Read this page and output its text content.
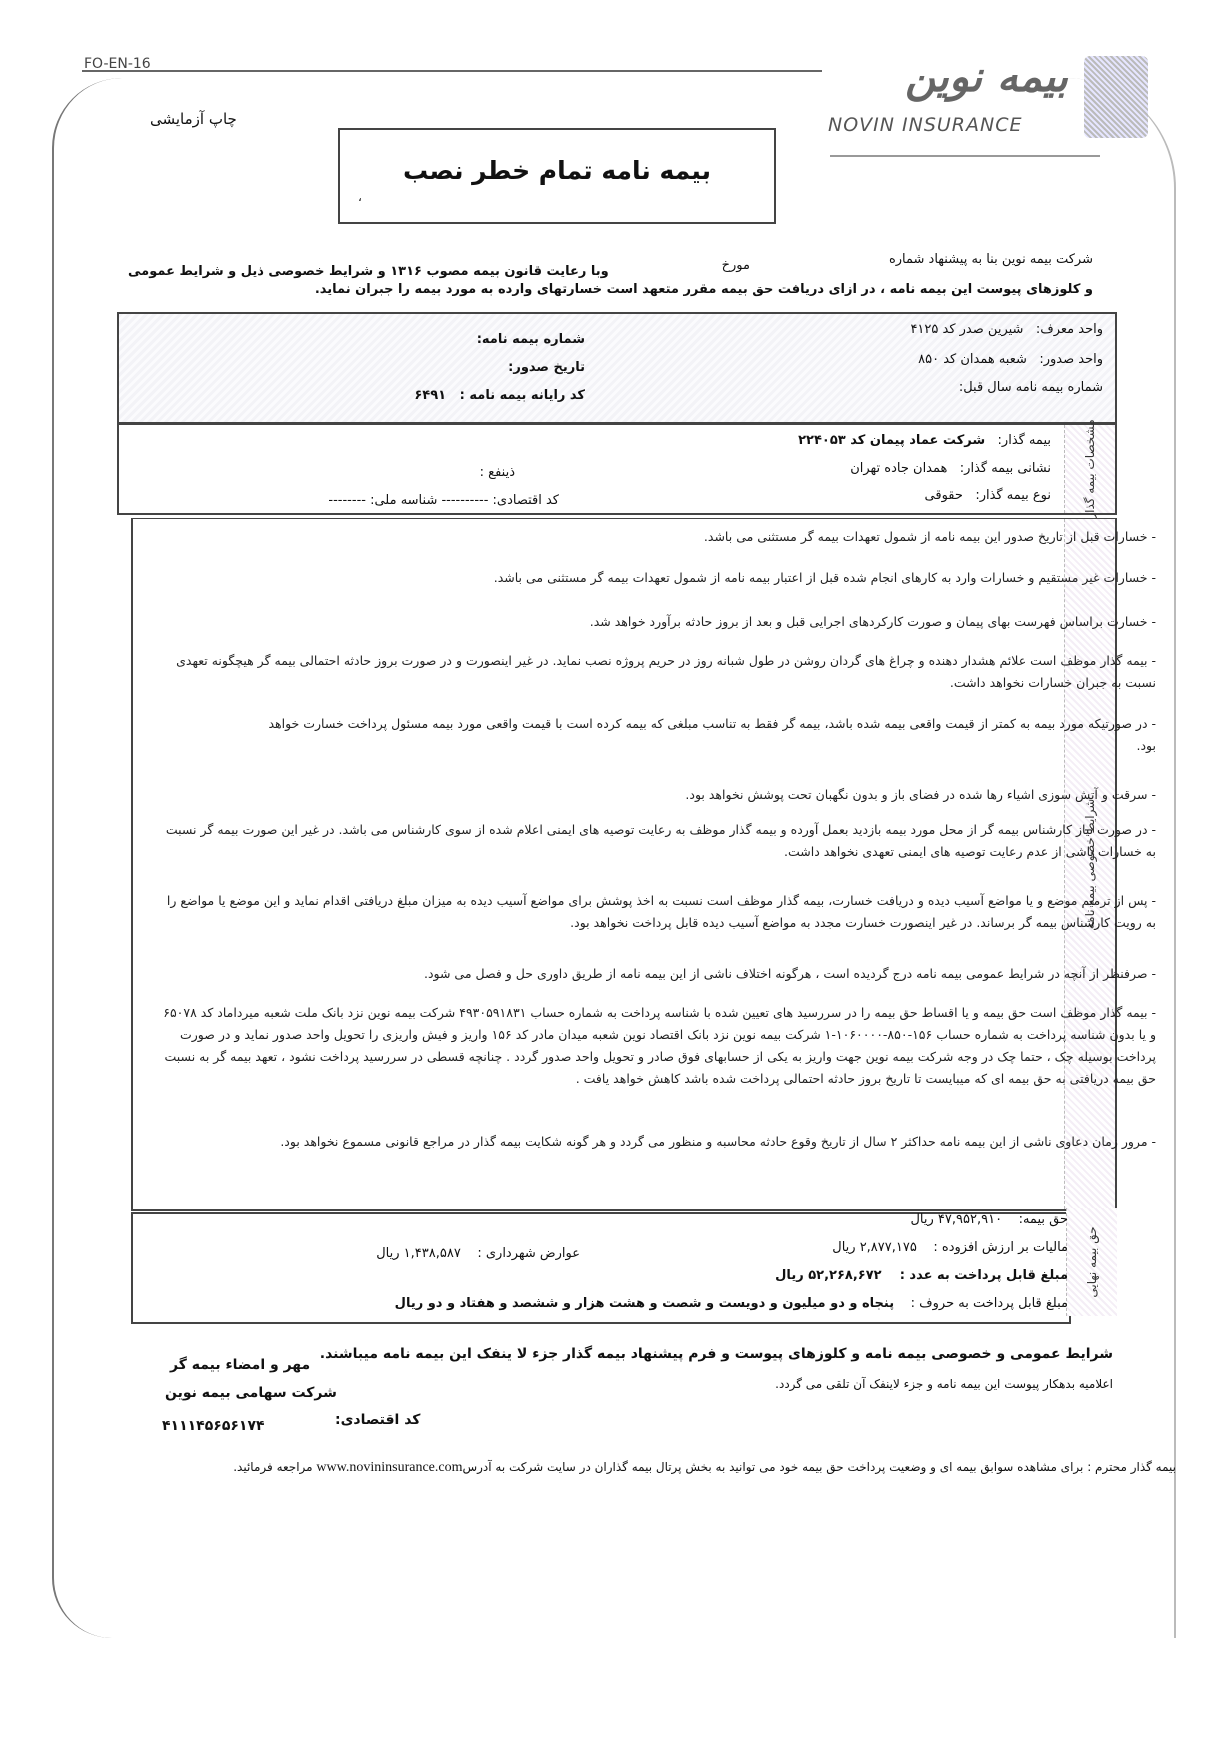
FO-EN-16	بیمه نوین
NOVIN INSURANCE
چاپ آزمایشی
بیمه نامه تمام خطر نصب
،
شرکت بیمه نوین بنا به پیشنهاد شماره
مورخ
وبا رعایت قانون بیمه مصوب ۱۳۱۶ و شرایط خصوصی ذیل و شرایط عمومی
و کلوزهای پیوست این بیمه نامه ، در ازای دریافت حق بیمه مقرر متعهد است خسارتهای وارده به مورد بیمه را جبران نماید.
واحد معرف:   شیرین صدر کد ۴۱۲۵
واحد صدور:   شعبه همدان کد ۸۵۰
شماره بیمه نامه سال قبل:
شماره بیمه نامه:
تاریخ صدور:
کد رایانه بیمه نامه :   ۶۴۹۱
مشخصات بیمه گذار
بیمه گذار:   شرکت عماد پیمان کد ۲۲۴۰۵۳
نشانی بیمه گذار:   همدان جاده تهران
نوع بیمه گذار:   حقوقی
ذینفع :
کد اقتصادی: ---------- شناسه ملی: --------
شرایط خصوصی بیمه نامه
- خسارات قبل از تاریخ صدور این بیمه نامه از شمول تعهدات بیمه گر مستثنی می باشد.
- خسارات غیر مستقیم و خسارات وارد به کارهای انجام شده قبل از اعتبار بیمه نامه از شمول تعهدات بیمه گر مستثنی می باشد.
- خسارت براساس فهرست بهای پیمان و صورت کارکردهای اجرایی قبل و بعد از بروز حادثه برآورد خواهد شد.
- بیمه گذار موظف است علائم هشدار دهنده و چراغ های گردان روشن در طول شبانه روز در حریم پروژه نصب نماید. در غیر اینصورت و در صورت بروز حادثه احتمالی بیمه گر هیچگونه تعهدی نسبت به جبران خسارات نخواهد داشت.
- در صورتیکه مورد بیمه به کمتر از قیمت واقعی بیمه شده باشد، بیمه گر فقط به تناسب مبلغی که بیمه کرده است با قیمت واقعی مورد بیمه مسئول پرداخت خسارت خواهد بود.
- سرقت و آتش سوزی اشیاء رها شده در فضای باز و بدون نگهبان تحت پوشش نخواهد بود.
- در صورت نیاز کارشناس بیمه گر از محل مورد بیمه بازدید بعمل آورده و بیمه گذار موظف به رعایت توصیه های ایمنی اعلام شده از سوی کارشناس می باشد. در غیر این صورت بیمه گر نسبت به خسارات ناشی از عدم رعایت توصیه های ایمنی تعهدی نخواهد داشت.
- پس از ترمیم موضع و یا مواضع آسیب دیده و دریافت خسارت، بیمه گذار موظف است نسبت به اخذ پوشش برای مواضع آسیب دیده به میزان مبلغ دریافتی اقدام نماید و این موضع یا مواضع را به رویت کارشناس بیمه گر برساند. در غیر اینصورت خسارت مجدد به مواضع آسیب دیده قابل پرداخت نخواهد بود.
- صرفنظر از آنچه در شرایط عمومی بیمه نامه درج گردیده است ، هرگونه اختلاف ناشی از این بیمه نامه از طریق داوری حل و فصل می شود.
- بیمه گذار موظف است حق بیمه و یا اقساط حق بیمه را در سررسید های تعیین شده با شناسه پرداخت به شماره حساب ۴۹۳۰۵۹۱۸۳۱ شرکت بیمه نوین نزد بانک ملت شعبه میرداماد کد ۶۵۰۷۸ و یا بدون شناسه پرداخت به شماره حساب ۱۵۶-۸۵۰-۱۰۶۰۰۰۰-۱ شرکت بیمه نوین نزد بانک اقتصاد نوین شعبه میدان مادر کد ۱۵۶ واریز و فیش واریزی را تحویل واحد صدور نماید و در صورت پرداخت بوسیله چک ، حتما چک در وجه شرکت بیمه نوین جهت واریز به یکی از حسابهای فوق صادر و تحویل واحد صدور گردد . چنانچه قسطی در سررسید پرداخت نشود ، تعهد بیمه گر به نسبت حق بیمه دریافتی به حق بیمه ای که میبایست تا تاریخ بروز حادثه احتمالی پرداخت شده باشد کاهش خواهد یافت .
- مرور زمان دعاوی ناشی از این بیمه نامه حداکثر ۲ سال از تاریخ وقوع حادثه محاسبه و منظور می گردد و هر گونه شکایت بیمه گذار در مراجع قانونی مسموع نخواهد بود.
حق بیمه نهایی
حق بیمه:    ۴۷,۹۵۲,۹۱۰ ریال
مالیات بر ارزش افزوده :    ۲,۸۷۷,۱۷۵ ریال
عوارض شهرداری :    ۱,۴۳۸,۵۸۷ ریال
مبلغ قابل پرداخت به عدد :    ۵۲,۲۶۸,۶۷۲ ریال
مبلغ قابل پرداخت به حروف :    پنجاه و دو میلیون و دویست و شصت و هشت هزار و ششصد و هفتاد و دو ریال
شرایط عمومی و خصوصی بیمه نامه و کلوزهای پیوست و فرم پیشنهاد بیمه گذار جزء لا ینفک این بیمه نامه میباشند.
اعلامیه بدهکار پیوست این بیمه نامه و جزء لاینفک آن تلقی می گردد.
مهر و امضاء بیمه گر
شرکت سهامی بیمه نوین
کد اقتصادی:
۴۱۱۱۴۵۶۵۶۱۷۴
بیمه گذار محترم : برای مشاهده سوابق بیمه ای و وضعیت پرداخت حق بیمه خود می توانید به بخش پرتال بیمه گذاران در سایت شرکت به آدرسwww.novininsurance.com مراجعه فرمائید.
